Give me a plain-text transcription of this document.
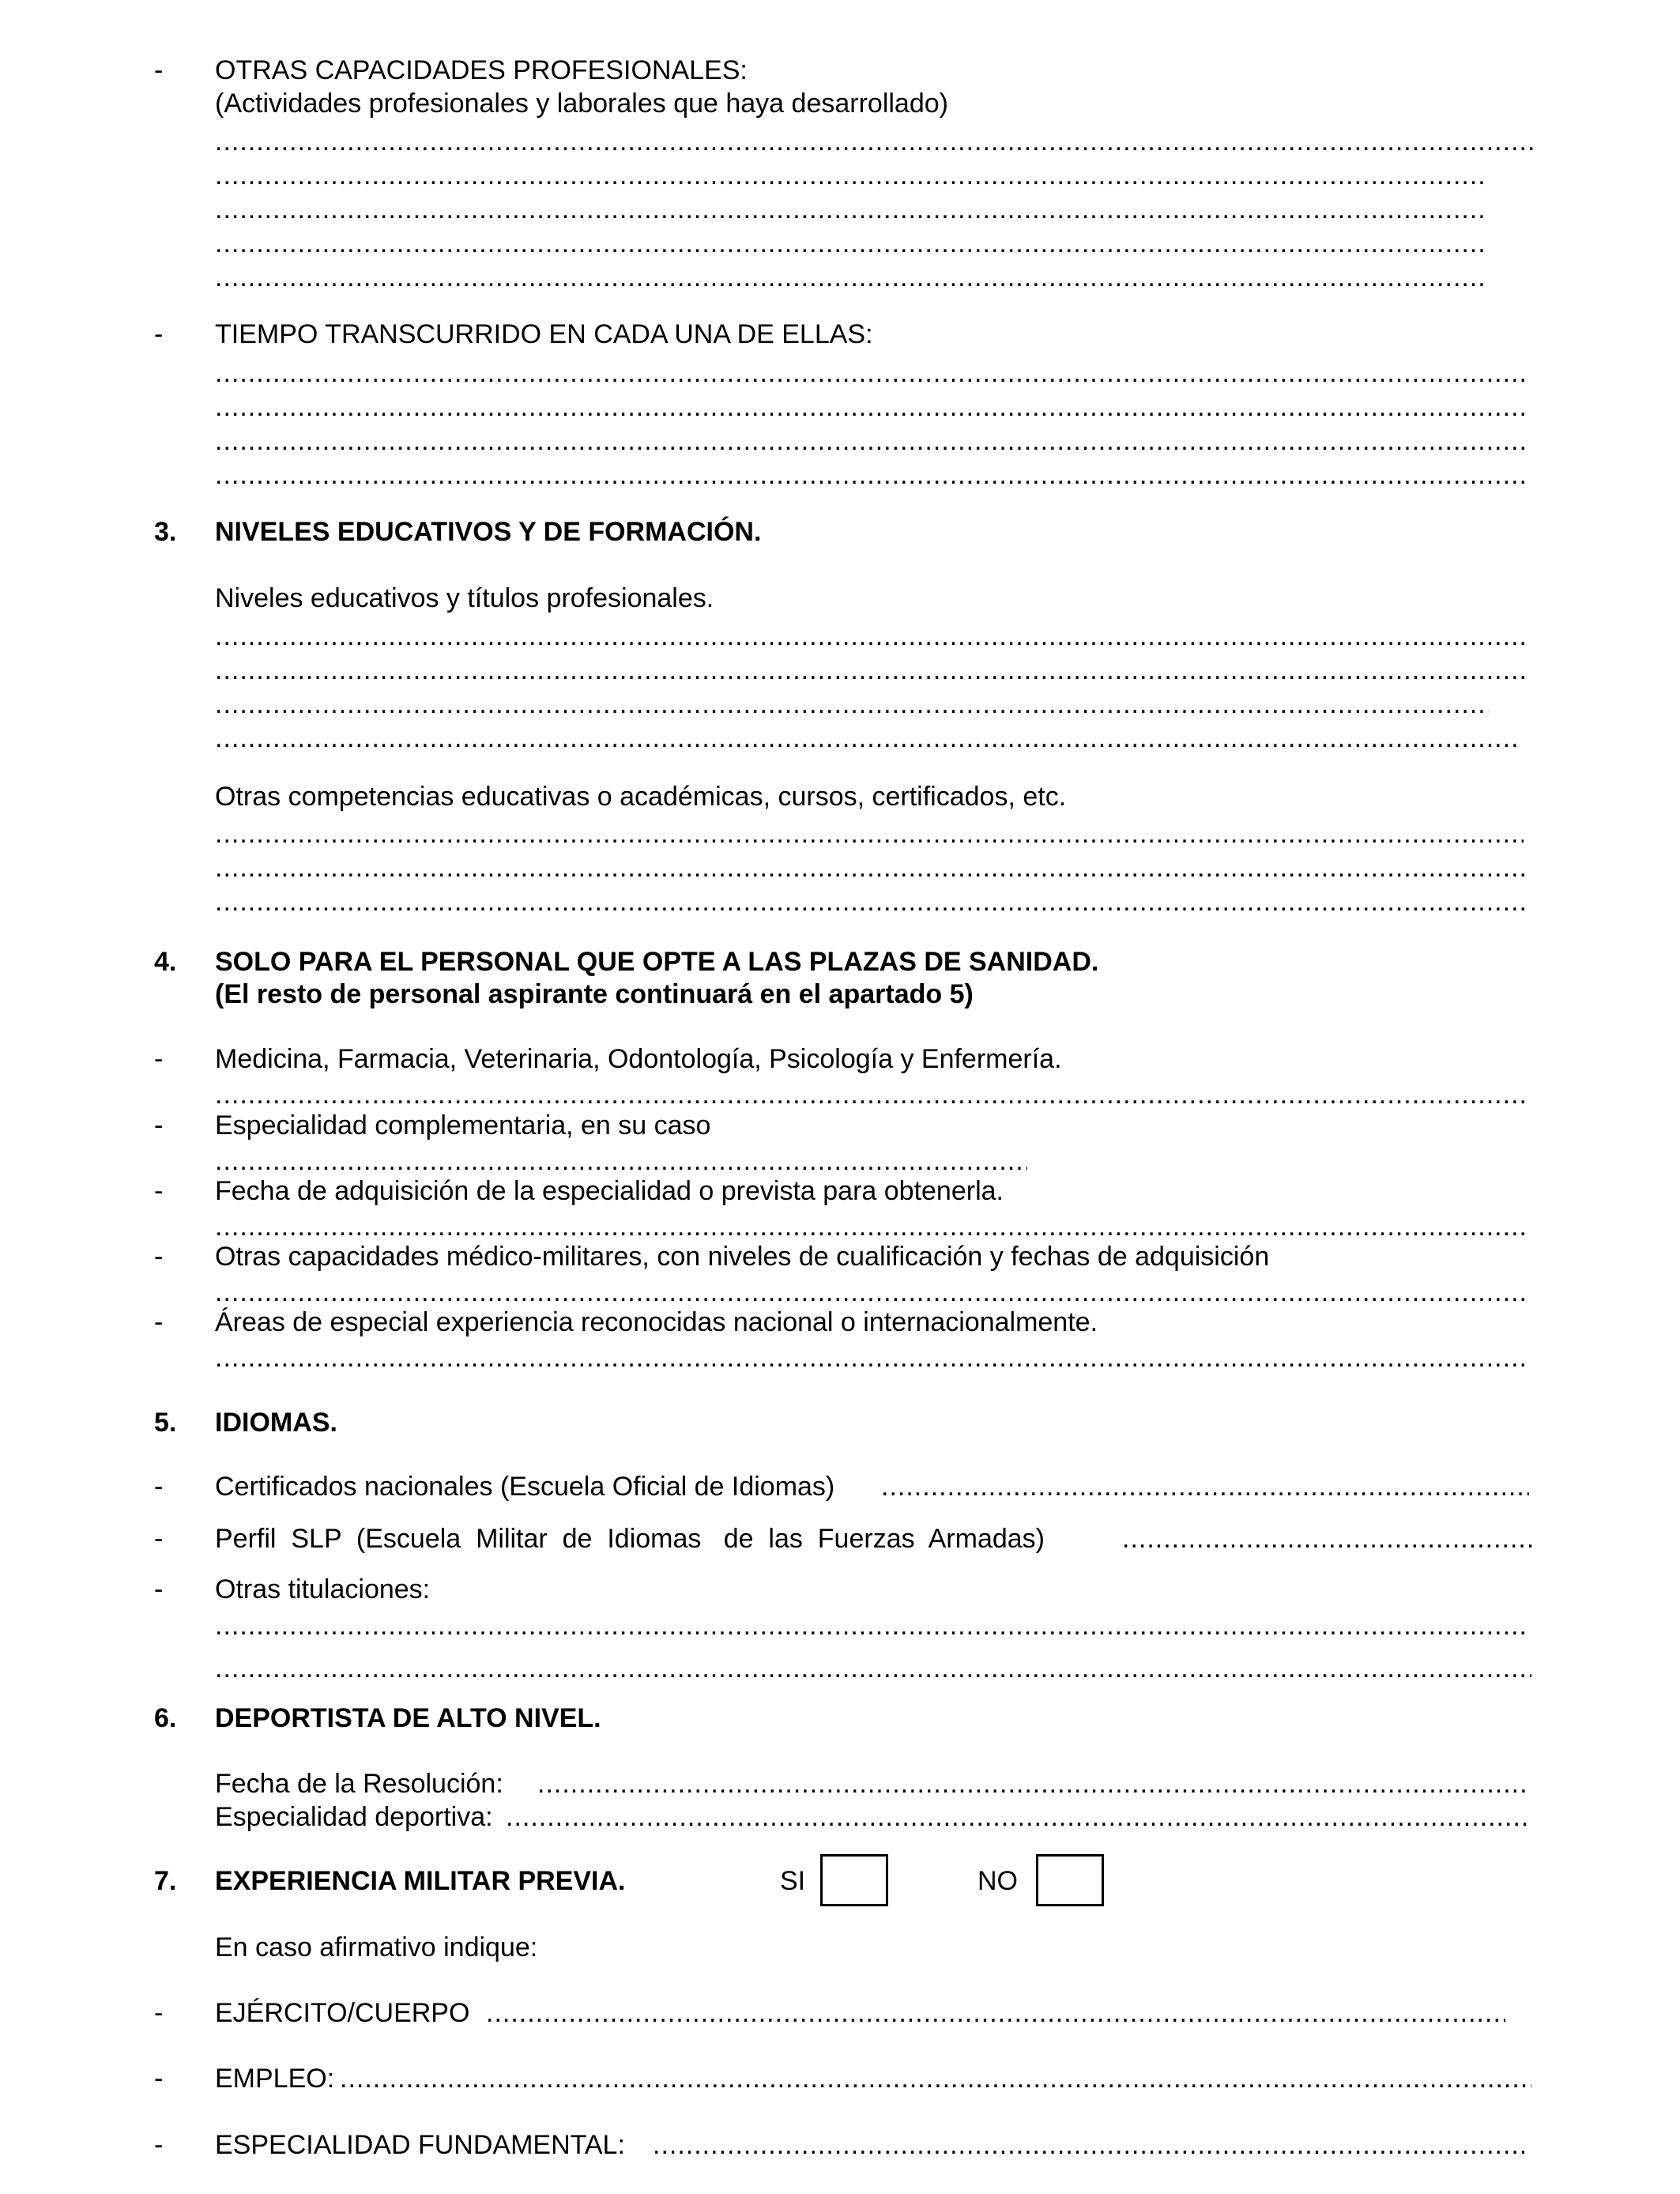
- OTRAS CAPACIDADES PROFESIONALES:
(Actividades profesionales y laborales que haya desarrollado)
.....
.....
.....
.....
.....
- TIEMPO TRANSCURRIDO EN CADA UNA DE ELLAS:
.....
.....
.....
.....
3. NIVELES EDUCATIVOS Y DE FORMACIÓN.
Niveles educativos y títulos profesionales.
.....
.....
.....
.....
Otras competencias educativas o académicas, cursos, certificados, etc.
.....
.....
.....
4. SOLO PARA EL PERSONAL QUE OPTE A LAS PLAZAS DE SANIDAD.
(El resto de personal aspirante continuará en el apartado 5)
- Medicina, Farmacia, Veterinaria, Odontología, Psicología y Enfermería.
.....
- Especialidad complementaria, en su caso
.....
- Fecha de adquisición de la especialidad o prevista para obtenerla.
.....
- Otras capacidades médico-militares, con niveles de cualificación y fechas de adquisición
.....
- Áreas de especial experiencia reconocidas nacional o internacionalmente.
.....
5. IDIOMAS.
- Certificados nacionales (Escuela Oficial de Idiomas)
.....
- Perfil  SLP  (Escuela  Militar  de  Idiomas   de  las  Fuerzas  Armadas)
.....
- Otras titulaciones:
.....
.....
6. DEPORTISTA DE ALTO NIVEL.
Fecha de la Resolución:
.....
Especialidad deportiva:
.....
7. EXPERIENCIA MILITAR PREVIA.	SI	NO
En caso afirmativo indique:
- EJÉRCITO/CUERPO
.....
- EMPLEO:
.....
- ESPECIALIDAD FUNDAMENTAL:
.....
